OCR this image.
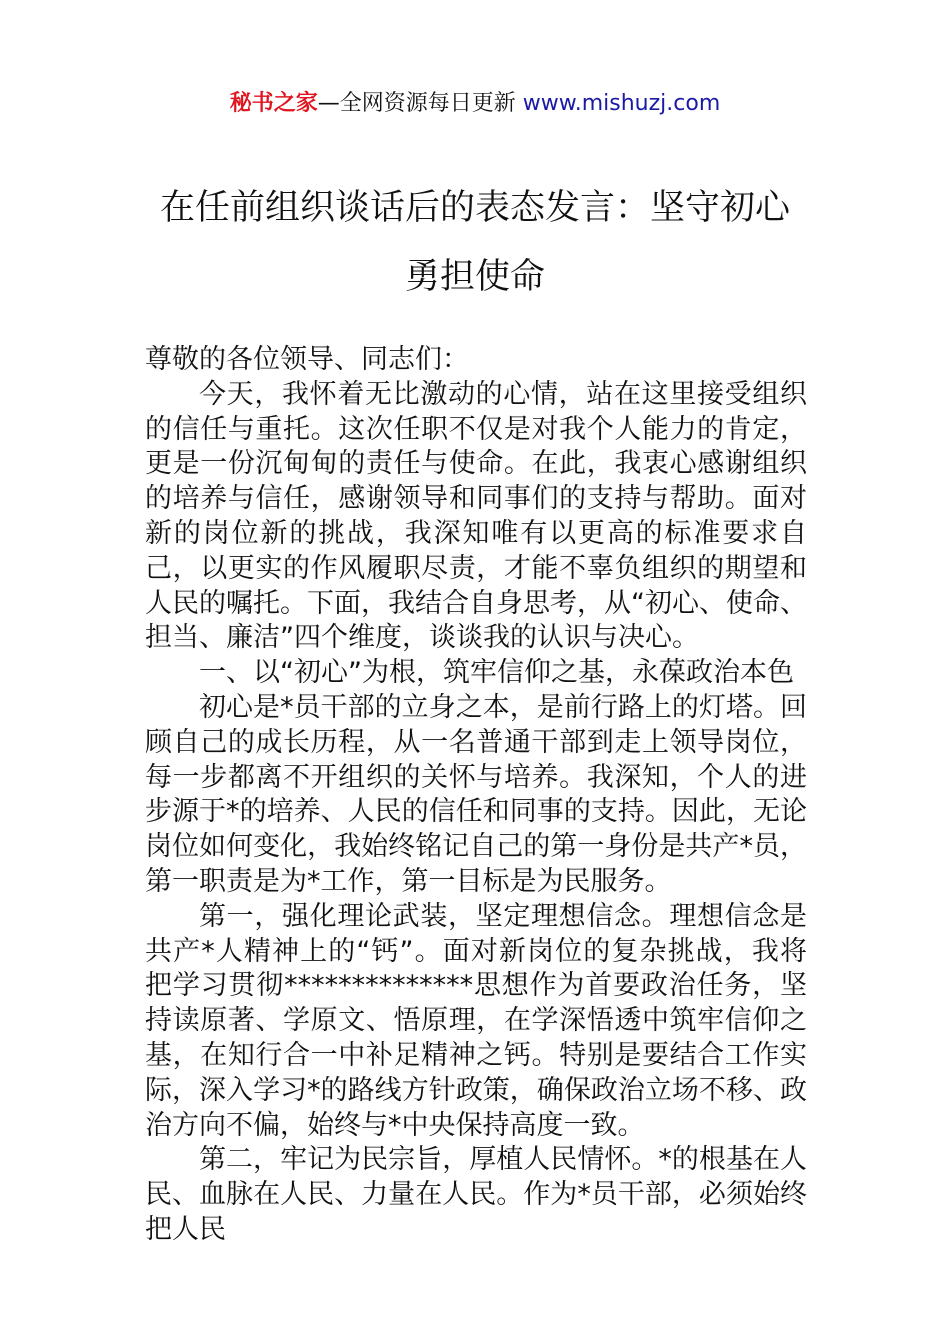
秘书之家—全网资源每日更新 www.mishuzj.com
在任前组织谈话后的表态发言：坚守初心
勇担使命

尊敬的各位领导、同志们：

今天，我怀着无比激动的心情，站在这里接受组织的信任与重托。这次任职不仅是对我个人能力的肯定，更是一份沉甸甸的责任与使命。在此，我衷心感谢组织的培养与信任，感谢领导和同事们的支持与帮助。面对新的岗位新的挑战，我深知唯有以更高的标准要求自己，以更实的作风履职尽责，才能不辜负组织的期望和人民的嘱托。下面，我结合自身思考，从“初心、使命、担当、廉洁”四个维度，谈谈我的认识与决心。

一、以“初心”为根，筑牢信仰之基，永葆政治本色

初心是*员干部的立身之本，是前行路上的灯塔。回顾自己的成长历程，从一名普通干部到走上领导岗位，每一步都离不开组织的关怀与培养。我深知，个人的进步源于*的培养、人民的信任和同事的支持。因此，无论岗位如何变化，我始终铭记自己的第一身份是共产*员，第一职责是为*工作，第一目标是为民服务。

第一，强化理论武装，坚定理想信念。理想信念是共产*人精神上的“钙”。面对新岗位的复杂挑战，我将把学习贯彻**************思想作为首要政治任务，坚持读原著、学原文、悟原理，在学深悟透中筑牢信仰之基，在知行合一中补足精神之钙。特别是要结合工作实际，深入学习*的路线方针政策，确保政治立场不移、政治方向不偏，始终与*中央保持高度一致。

第二，牢记为民宗旨，厚植人民情怀。*的根基在人民、血脉在人民、力量在人民。作为*员干部，必须始终把人民
